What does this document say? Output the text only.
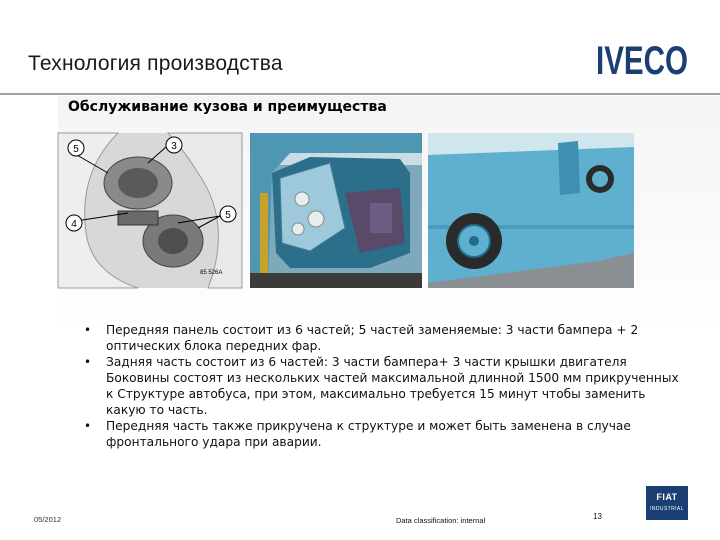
Технология производства	IVECO
Обслуживание кузова и преимущества
5	3
4
5
85 526A
• Передняя панель состоит из 6 частей; 5 частей заменяемые: 3 части бампера + 2
оптических блока передних фар.
• Задняя часть состоит из 6 частей: 3 части бампера+ 3 части крышки двигателя
Боковины состоят из нескольких частей максимальной длинной 1500 мм прикрученных
к Структуре автобуса, при этом, максимально требуется 15 минут чтобы заменить
какую то часть.
• Передняя часть также прикручена к структуре и может быть заменена в случае
фронтального удара при аварии.
05/2012	Data classification: internal	13
FIAT
INDUSTRIAL
